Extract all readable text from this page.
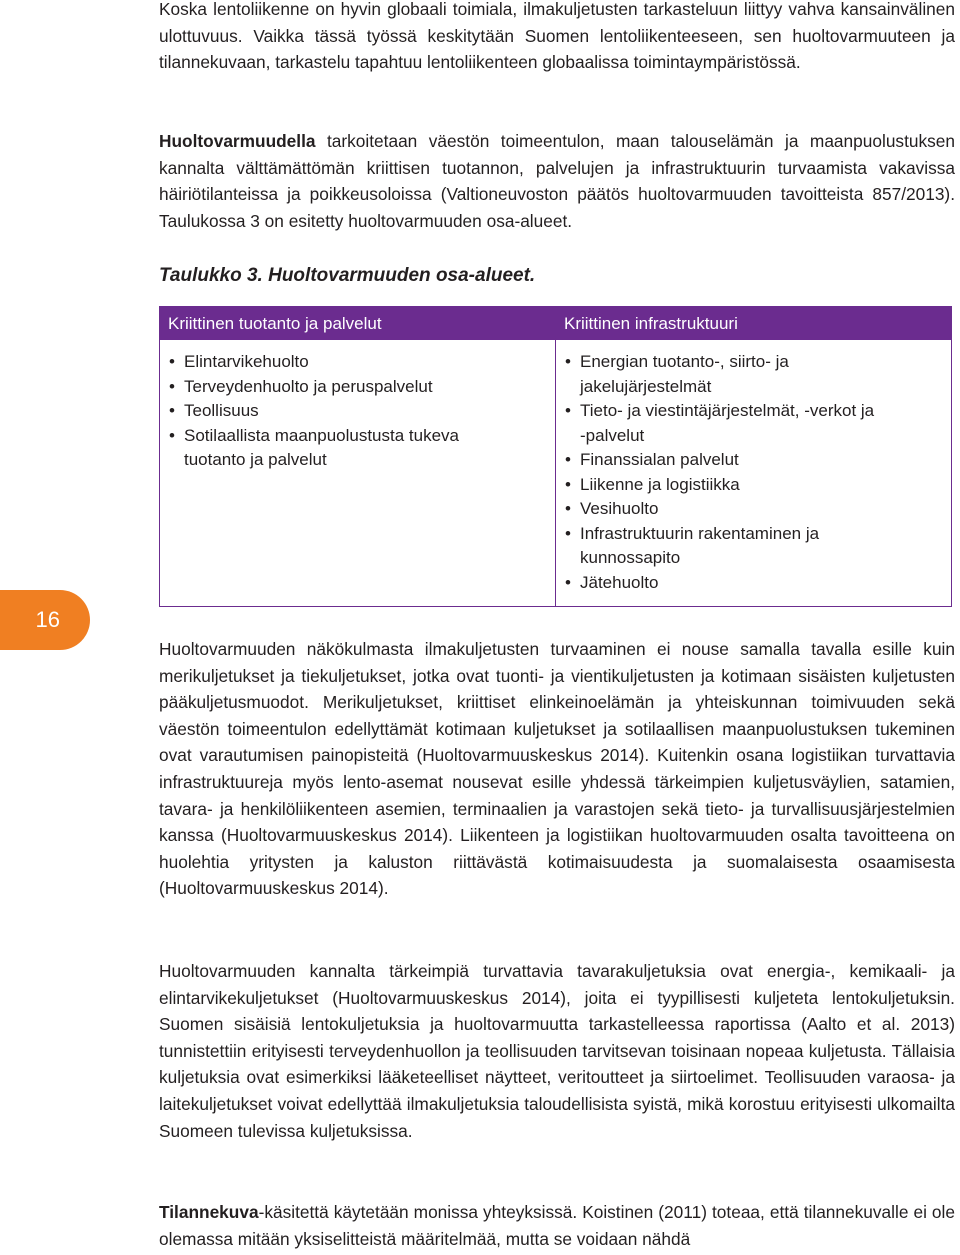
Koska lentoliikenne on hyvin globaali toimiala, ilmakuljetusten tarkasteluun liittyy vahva kansainvälinen ulottuvuus. Vaikka tässä työssä keskitytään Suomen lentoliikenteeseen, sen huoltovarmuuteen ja tilannekuvaan, tarkastelu tapahtuu lentoliikenteen globaalissa toimintaympäristössä.

Huoltovarmuudella tarkoitetaan väestön toimeentulon, maan talouselämän ja maanpuolustuksen kannalta välttämättömän kriittisen tuotannon, palvelujen ja infrastruktuurin turvaamista vakavissa häiriötilanteissa ja poikkeusoloissa (Valtioneuvoston päätös huoltovarmuuden tavoitteista 857/2013). Taulukossa 3 on esitetty huoltovarmuuden osa-alueet.

Taulukko 3. Huoltovarmuuden osa-alueet.

Kriittinen tuotanto ja palvelut
• Elintarvikehuolto
• Terveydenhuolto ja peruspalvelut
• Teollisuus
• Sotilaallista maanpuolustusta tukeva tuotanto ja palvelut
Kriittinen infrastruktuuri
• Energian tuotanto-, siirto- ja jakelujärjestelmät
• Tieto- ja viestintäjärjestelmät, -verkot ja -palvelut
• Finanssialan palvelut
• Liikenne ja logistiikka
• Vesihuolto
• Infrastruktuurin rakentaminen ja kunnossapito
• Jätehuolto

Huoltovarmuuden näkökulmasta ilmakuljetusten turvaaminen ei nouse samalla tavalla esille kuin merikuljetukset ja tiekuljetukset, jotka ovat tuonti- ja vientikuljetusten ja kotimaan sisäisten kuljetusten pääkuljetusmuodot. Merikuljetukset, kriittiset elinkeinoelämän ja yhteiskunnan toimivuuden sekä väestön toimeentulon edellyttämät kotimaan kuljetukset ja sotilaallisen maanpuolustuksen tukeminen ovat varautumisen painopisteitä (Huoltovarmuuskeskus 2014). Kuitenkin osana logistiikan turvattavia infrastruktuureja myös lento-asemat nousevat esille yhdessä tärkeimpien kuljetusväylien, satamien, tavara- ja henkilöliikenteen asemien, terminaalien ja varastojen sekä tieto- ja turvallisuusjärjestelmien kanssa (Huoltovarmuuskeskus 2014). Liikenteen ja logistiikan huoltovarmuuden osalta tavoitteena on huolehtia yritysten ja kaluston riittävästä kotimaisuudesta ja suomalaisesta osaamisesta (Huoltovarmuuskeskus 2014).

Huoltovarmuuden kannalta tärkeimpiä turvattavia tavarakuljetuksia ovat energia-, kemikaali- ja elintarvikekuljetukset (Huoltovarmuuskeskus 2014), joita ei tyypillisesti kuljeteta lentokuljetuksin. Suomen sisäisiä lentokuljetuksia ja huoltovarmuutta tarkastelleessa raportissa (Aalto et al. 2013) tunnistettiin erityisesti terveydenhuollon ja teollisuuden tarvitsevan toisinaan nopeaa kuljetusta. Tällaisia kuljetuksia ovat esimerkiksi lääketeelliset näytteet, veritoutteet ja siirtoelimet. Teollisuuden varaosa- ja laitekuljetukset voivat edellyttää ilmakuljetuksia taloudellisista syistä, mikä korostuu erityisesti ulkomailta Suomeen tulevissa kuljetuksissa.

Tilannekuva-käsitettä käytetään monissa yhteyksissä. Koistinen (2011) toteaa, että tilannekuvalle ei ole olemassa mitään yksiselitteistä määritelmää, mutta se voidaan nähdä

16
